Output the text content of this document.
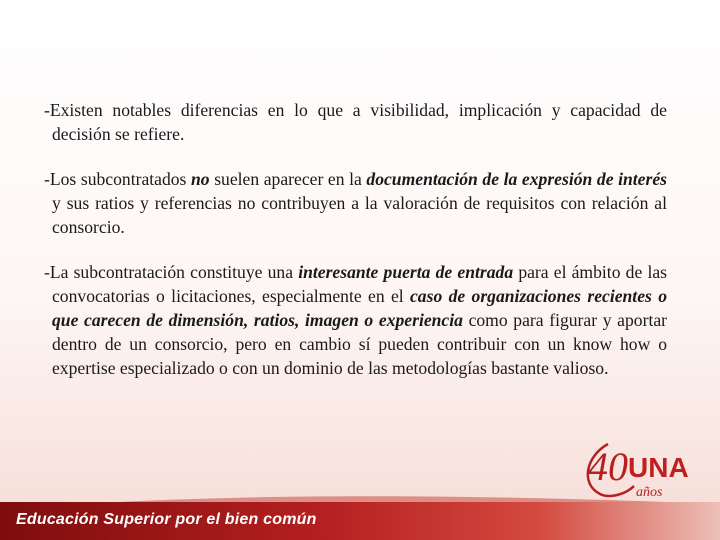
-Existen notables diferencias en lo que a visibilidad, implicación y capacidad de decisión se refiere.

-Los subcontratados no suelen aparecer en la documentación de la expresión de interés y sus ratios y referencias no contribuyen a la valoración de requisitos con relación al consorcio.

-La subcontratación constituye una interesante puerta de entrada para el ámbito de las convocatorias o licitaciones, especialmente en el caso de organizaciones recientes o que carecen de dimensión, ratios, imagen o experiencia como para figurar y aportar dentro de un consorcio, pero en cambio sí pueden contribuir con un know how o expertise especializado o con un dominio de las metodologías bastante valioso.

40 UNA
años
Educación Superior por el bien común
